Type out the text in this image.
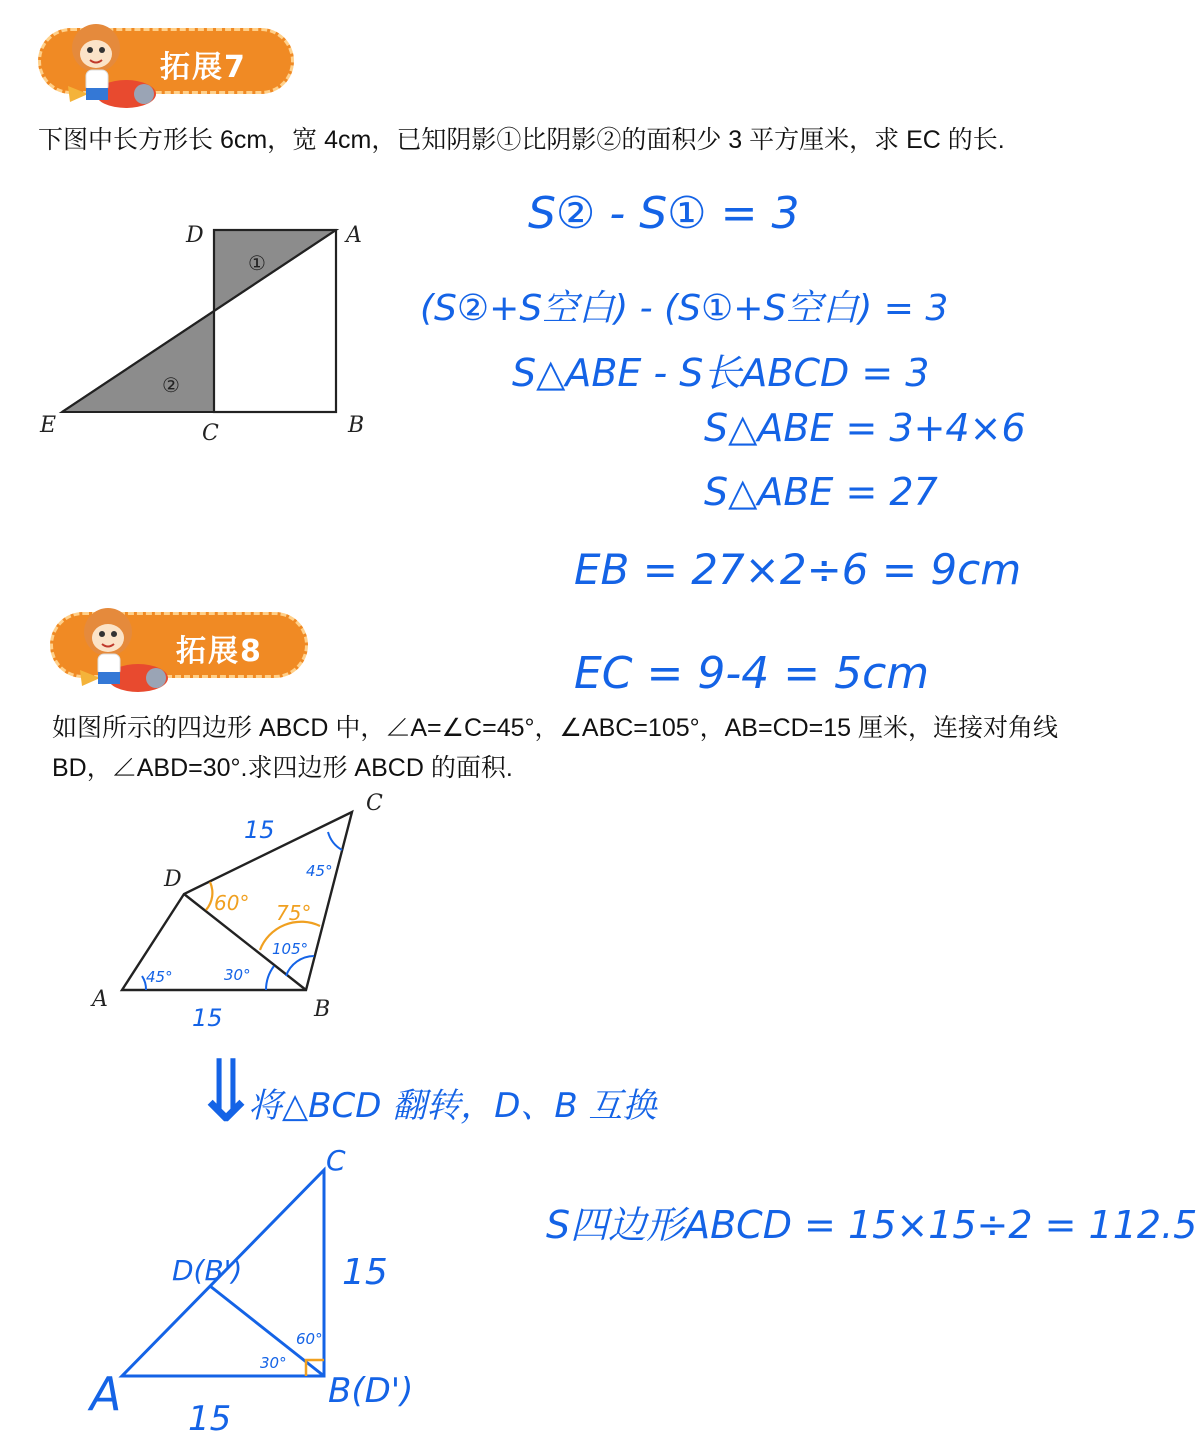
拓展7
下图中长方形长 6cm，宽 4cm，已知阴影①比阴影②的面积少 3 平方厘米，求 EC 的长.
D	A
E	C	B
①
②
S② - S① = 3
(S②+S空白) - (S①+S空白) = 3
S△ABE - S长ABCD = 3
S△ABE = 3+4×6
S△ABE = 27
EB = 27×2÷6 = 9cm
EC = 9-4 = 5cm
拓展8
如图所示的四边形 ABCD 中，∠A=∠C=45°，∠ABC=105°，AB=CD=15 厘米，连接对角线 BD，∠ABD=30°.求四边形 ABCD 的面积.
A	B
C
D
15
15
45°
45°
30°
105°
60° 75°
⇓
将△BCD 翻转，D、B 互换
C
A
D(B')
B(D')
15
15
30°
60°
S四边形ABCD = 15×15÷2 = 112.5
